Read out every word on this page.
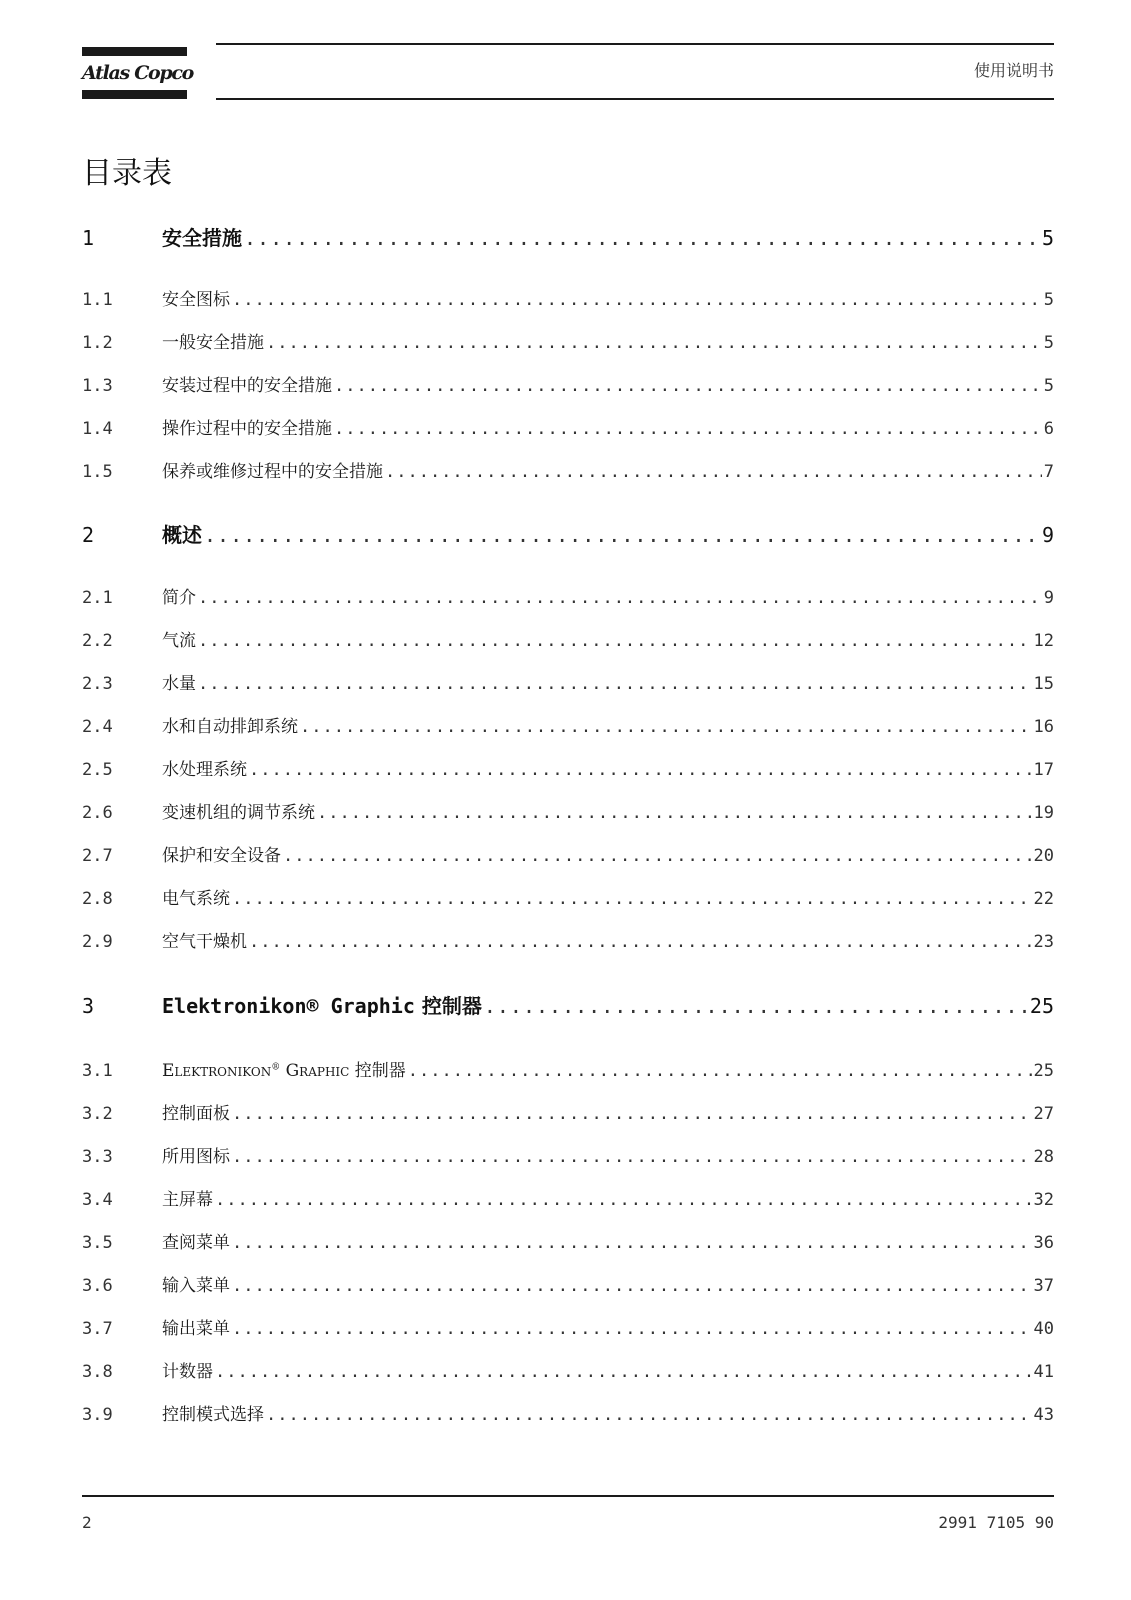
Atlas Copco	使用说明书
目录表
1	安全措施 .....	5
1.1	安全图标 .....	5
1.2	一般安全措施 .....	5
1.3	安装过程中的安全措施 .....	5
1.4	操作过程中的安全措施 .....	6
1.5	保养或维修过程中的安全措施 .....	7
2	概述 .....	9
2.1	简介 .....	9
2.2	气流 .....	12
2.3	水量 .....	15
2.4	水和自动排卸系统 .....	16
2.5	水处理系统 .....	17
2.6	变速机组的调节系统 .....	19
2.7	保护和安全设备 .....	20
2.8	电气系统 .....	22
2.9	空气干燥机 .....	23
3	Elektronikon® Graphic 控制器 .....	25
3.1	Elektronikon® Graphic 控制器 .....	25
3.2	控制面板 .....	27
3.3	所用图标 .....	28
3.4	主屏幕 .....	32
3.5	查阅菜单 .....	36
3.6	输入菜单 .....	37
3.7	输出菜单 .....	40
3.8	计数器 .....	41
3.9	控制模式选择 .....	43
2	2991 7105 90
